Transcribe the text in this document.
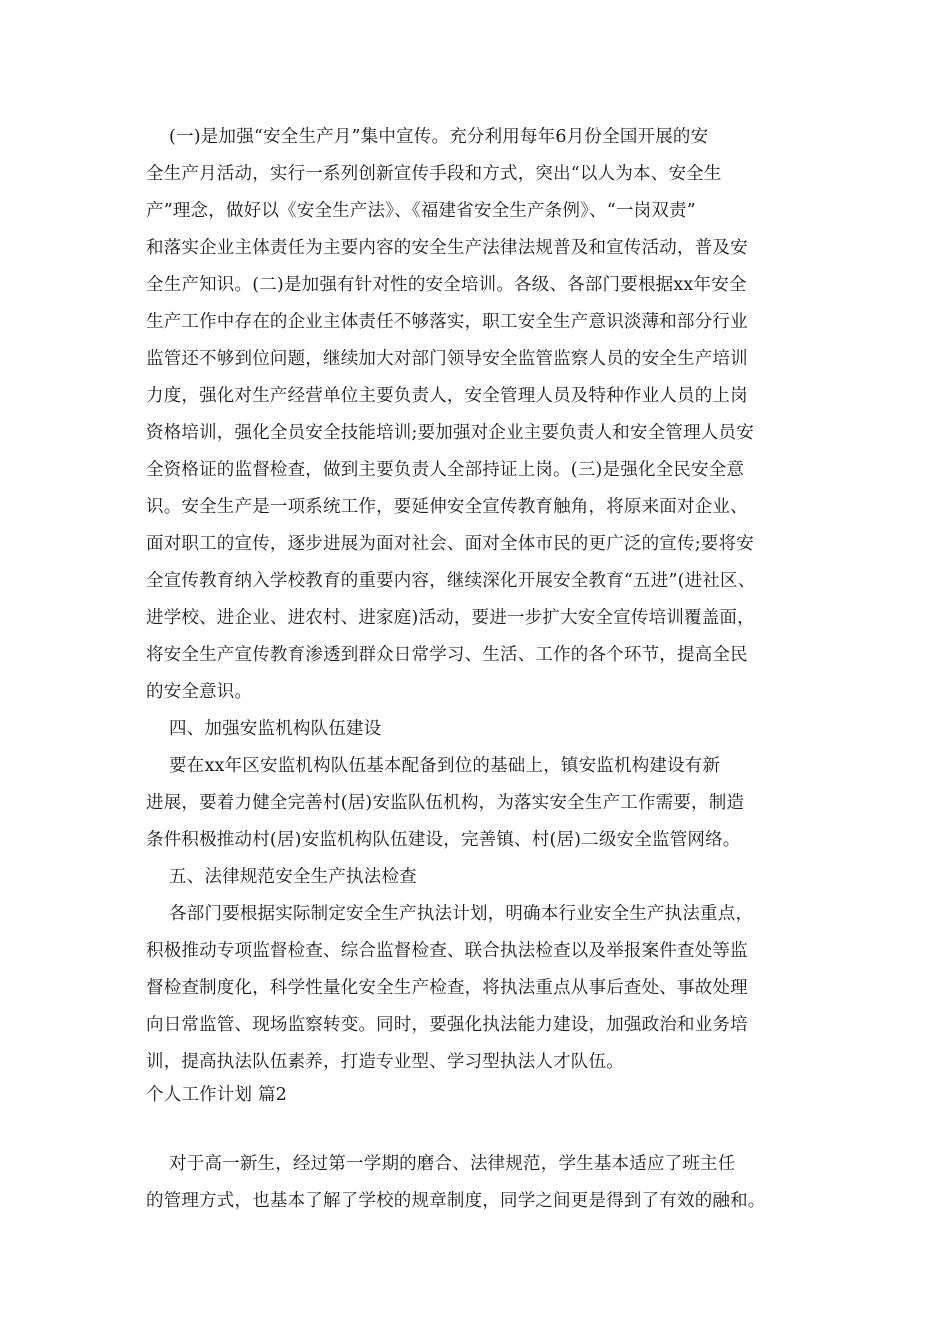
(一)是加强“安全生产月”集中宣传。充分利用每年6月份全国开展的安
全生产月活动，实行一系列创新宣传手段和方式，突出“以人为本、安全生
产”理念，做好以《安全生产法》、《福建省安全生产条例》、“一岗双责”
和落实企业主体责任为主要内容的安全生产法律法规普及和宣传活动，普及安
全生产知识。(二)是加强有针对性的安全培训。各级、各部门要根据xx年安全
生产工作中存在的企业主体责任不够落实，职工安全生产意识淡薄和部分行业
监管还不够到位问题，继续加大对部门领导安全监管监察人员的安全生产培训
力度，强化对生产经营单位主要负责人，安全管理人员及特种作业人员的上岗
资格培训，强化全员安全技能培训;要加强对企业主要负责人和安全管理人员安
全资格证的监督检查，做到主要负责人全部持证上岗。(三)是强化全民安全意
识。安全生产是一项系统工作，要延伸安全宣传教育触角，将原来面对企业、
面对职工的宣传，逐步进展为面对社会、面对全体市民的更广泛的宣传;要将安
全宣传教育纳入学校教育的重要内容，继续深化开展安全教育“五进”(进社区、
进学校、进企业、进农村、进家庭)活动，要进一步扩大安全宣传培训覆盖面，
将安全生产宣传教育渗透到群众日常学习、生活、工作的各个环节，提高全民
的安全意识。
四、加强安监机构队伍建设
要在xx年区安监机构队伍基本配备到位的基础上，镇安监机构建设有新
进展，要着力健全完善村(居)安监队伍机构，为落实安全生产工作需要，制造
条件积极推动村(居)安监机构队伍建设，完善镇、村(居)二级安全监管网络。
五、法律规范安全生产执法检查
各部门要根据实际制定安全生产执法计划，明确本行业安全生产执法重点，
积极推动专项监督检查、综合监督检查、联合执法检查以及举报案件查处等监
督检查制度化，科学性量化安全生产检查，将执法重点从事后查处、事故处理
向日常监管、现场监察转变。同时，要强化执法能力建设，加强政治和业务培
训，提高执法队伍素养，打造专业型、学习型执法人才队伍。
个人工作计划 篇2
对于高一新生，经过第一学期的磨合、法律规范，学生基本适应了班主任
的管理方式，也基本了解了学校的规章制度，同学之间更是得到了有效的融和。
